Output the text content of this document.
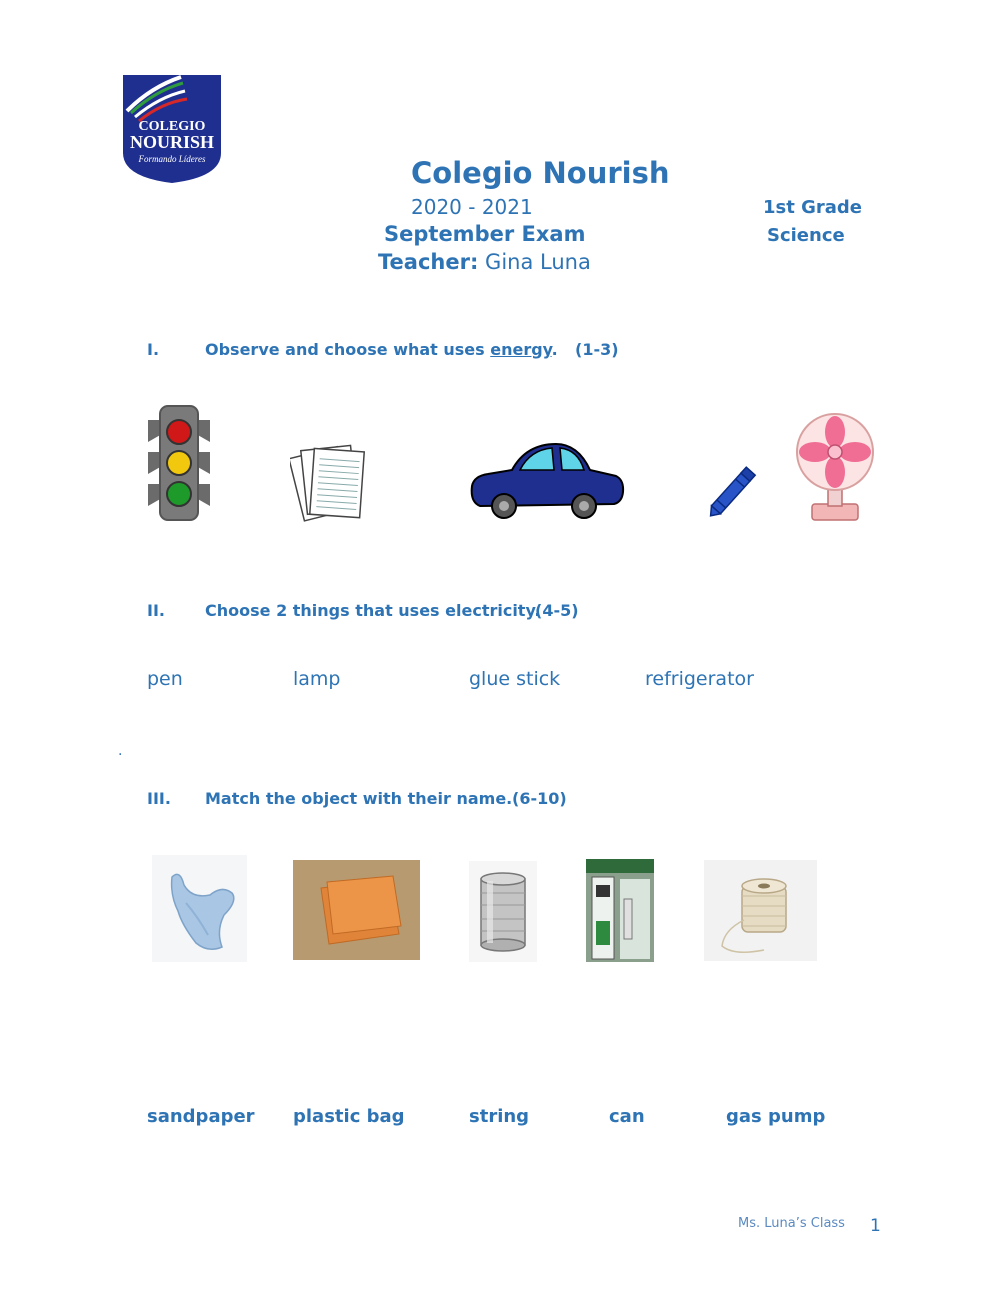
COLEGIO
NOURISH
Formando Líderes	Colegio Nourish
2020 - 2021
September Exam
Teacher: Gina Luna
1st Grade
Science
I.	Observe and choose what uses energy. (1-3)
II.	Choose 2 things that uses electricity.
(4-5)
pen	lamp	glue stick	refrigerator
.
III. Match the object with their name. (6-10)
sandpaper plastic bag	string	can	gas pump
Ms. Luna’s Class 1
